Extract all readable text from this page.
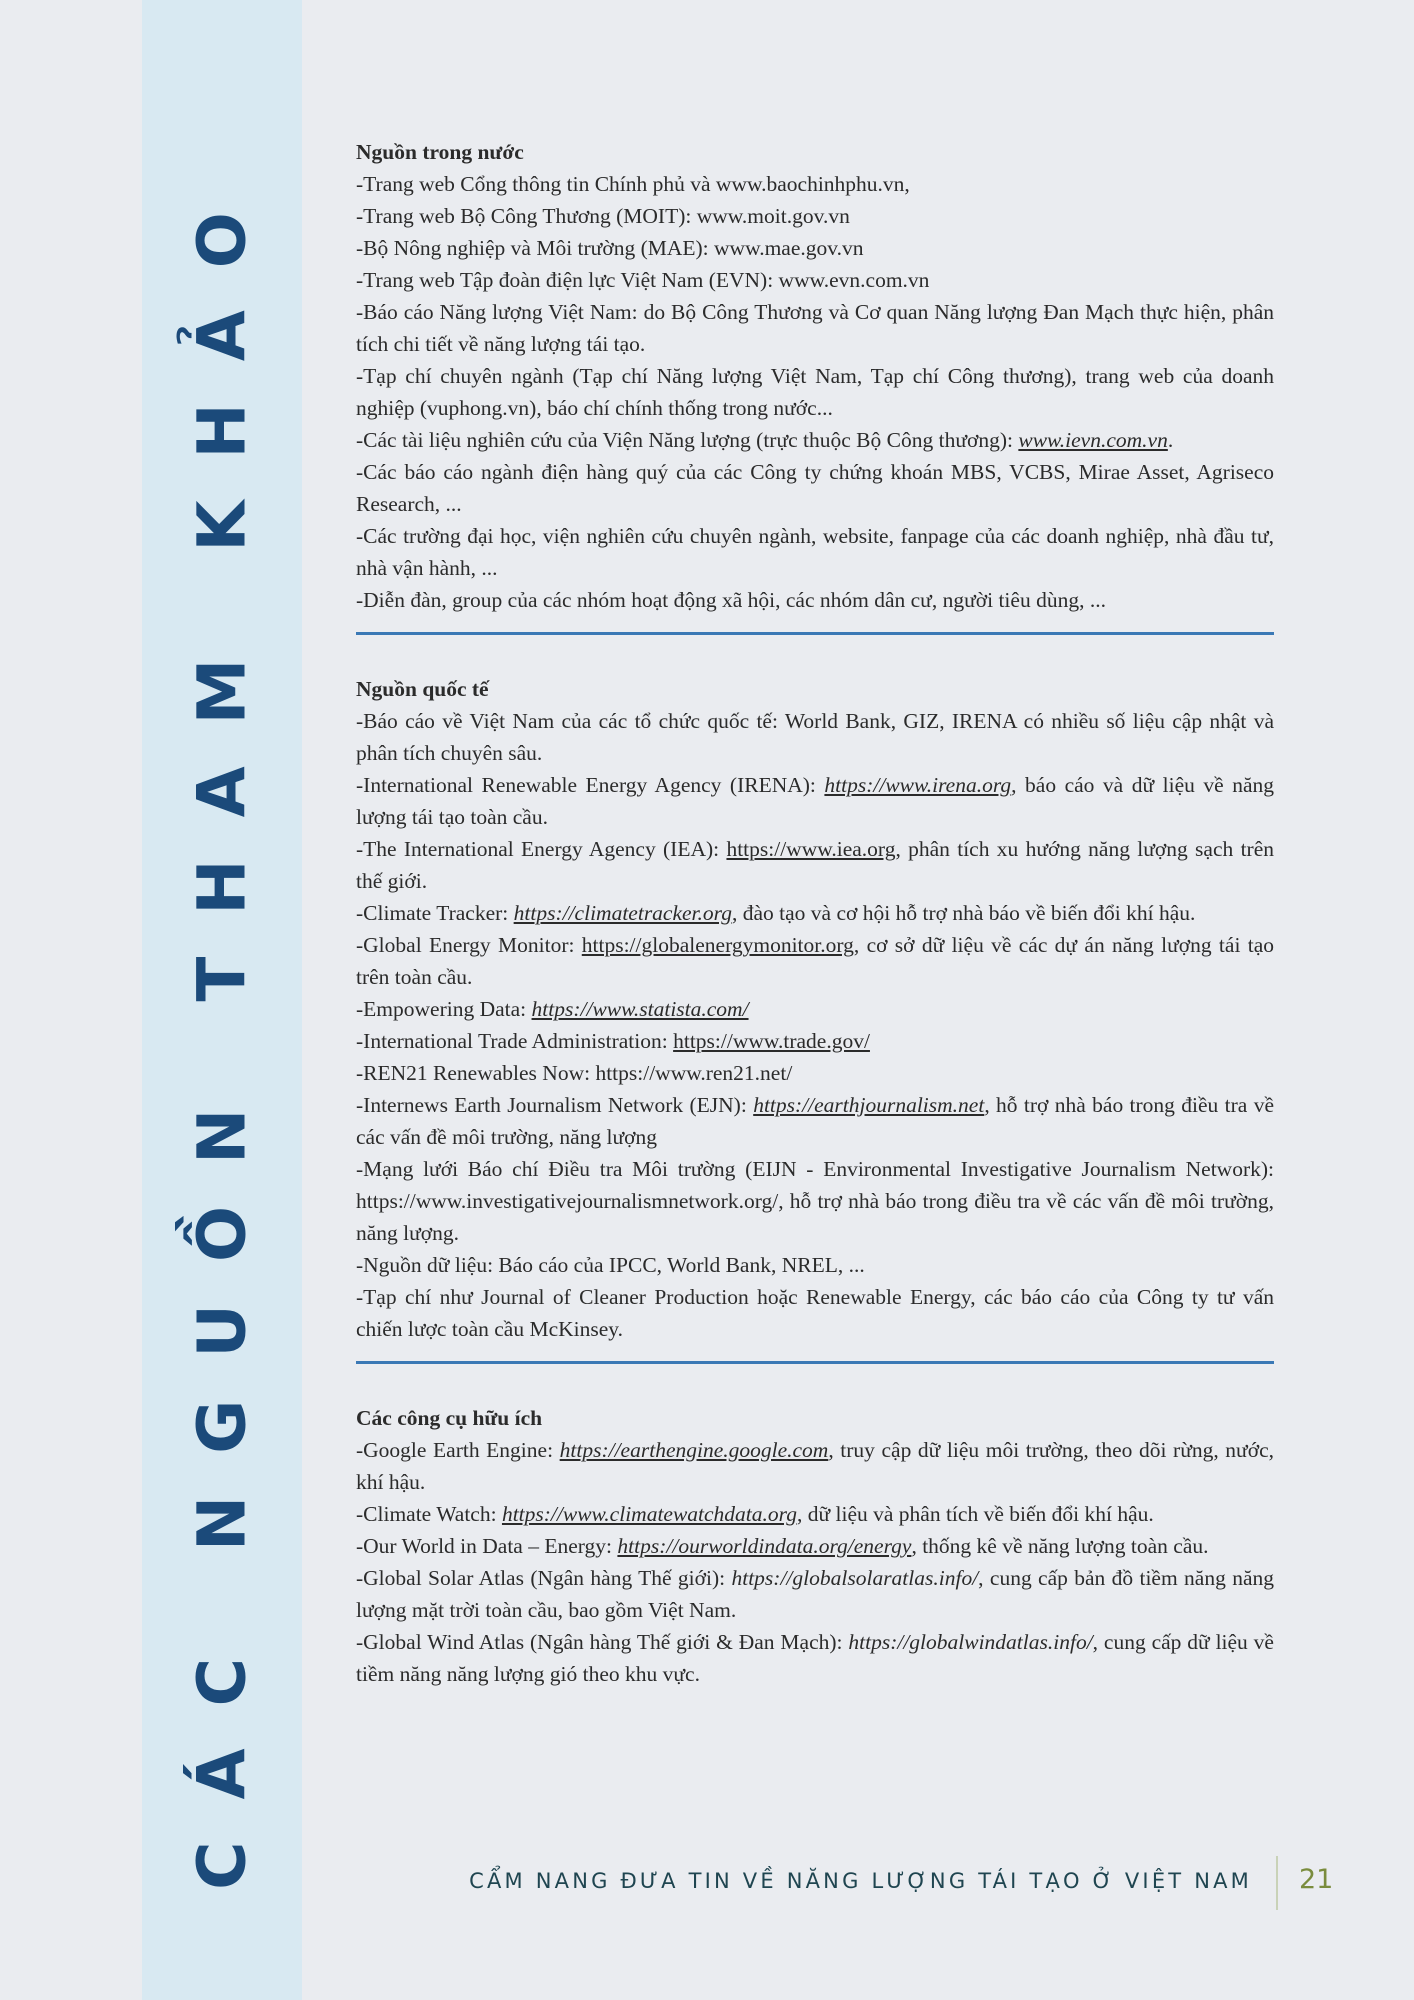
CÁC NGUỒN THAM KHẢO

Nguồn trong nước

-Trang web Cổng thông tin Chính phủ và www.baochinhphu.vn,

-Trang web Bộ Công Thương (MOIT): www.moit.gov.vn

-Bộ Nông nghiệp và Môi trường (MAE): www.mae.gov.vn

-Trang web Tập đoàn điện lực Việt Nam (EVN): www.evn.com.vn

-Báo cáo Năng lượng Việt Nam: do Bộ Công Thương và Cơ quan Năng lượng Đan Mạch thực hiện, phân tích chi tiết về năng lượng tái tạo.

-Tạp chí chuyên ngành (Tạp chí Năng lượng Việt Nam, Tạp chí Công thương), trang web của doanh nghiệp (vuphong.vn), báo chí chính thống trong nước...

-Các tài liệu nghiên cứu của Viện Năng lượng (trực thuộc Bộ Công thương): www.ievn.com.vn.

-Các báo cáo ngành điện hàng quý của các Công ty chứng khoán MBS, VCBS, Mirae Asset, Agriseco Research, ...

-Các trường đại học, viện nghiên cứu chuyên ngành, website, fanpage của các doanh nghiệp, nhà đầu tư, nhà vận hành, ...

-Diễn đàn, group của các nhóm hoạt động xã hội, các nhóm dân cư, người tiêu dùng, ...

Nguồn quốc tế

-Báo cáo về Việt Nam của các tổ chức quốc tế: World Bank, GIZ, IRENA có nhiều số liệu cập nhật và phân tích chuyên sâu.

-International Renewable Energy Agency (IRENA): https://www.irena.org, báo cáo và dữ liệu về năng lượng tái tạo toàn cầu.

-The International Energy Agency (IEA): https://www.iea.org, phân tích xu hướng năng lượng sạch trên thế giới.

-Climate Tracker: https://climatetracker.org, đào tạo và cơ hội hỗ trợ nhà báo về biến đổi khí hậu.

-Global Energy Monitor: https://globalenergymonitor.org, cơ sở dữ liệu về các dự án năng lượng tái tạo trên toàn cầu.

-Empowering Data: https://www.statista.com/

-International Trade Administration: https://www.trade.gov/

-REN21 Renewables Now: https://www.ren21.net/

-Internews Earth Journalism Network (EJN): https://earthjournalism.net, hỗ trợ nhà báo trong điều tra về các vấn đề môi trường, năng lượng

-Mạng lưới Báo chí Điều tra Môi trường (EIJN - Environmental Investigative Journalism Network): https://www.investigativejournalismnetwork.org/, hỗ trợ nhà báo trong điều tra về các vấn đề môi trường, năng lượng.

-Nguồn dữ liệu: Báo cáo của IPCC, World Bank, NREL, ...

-Tạp chí như Journal of Cleaner Production hoặc Renewable Energy, các báo cáo của Công ty tư vấn chiến lược toàn cầu McKinsey.

Các công cụ hữu ích

-Google Earth Engine: https://earthengine.google.com, truy cập dữ liệu môi trường, theo dõi rừng, nước, khí hậu.

-Climate Watch: https://www.climatewatchdata.org, dữ liệu và phân tích về biến đổi khí hậu.

-Our World in Data – Energy: https://ourworldindata.org/energy, thống kê về năng lượng toàn cầu.

-Global Solar Atlas (Ngân hàng Thế giới): https://globalsolaratlas.info/, cung cấp bản đồ tiềm năng năng lượng mặt trời toàn cầu, bao gồm Việt Nam.

-Global Wind Atlas (Ngân hàng Thế giới & Đan Mạch): https://globalwindatlas.info/, cung cấp dữ liệu về tiềm năng năng lượng gió theo khu vực.

CẨM NANG ĐƯA TIN VỀ NĂNG LƯỢNG TÁI TẠO Ở VIỆT NAM 21
